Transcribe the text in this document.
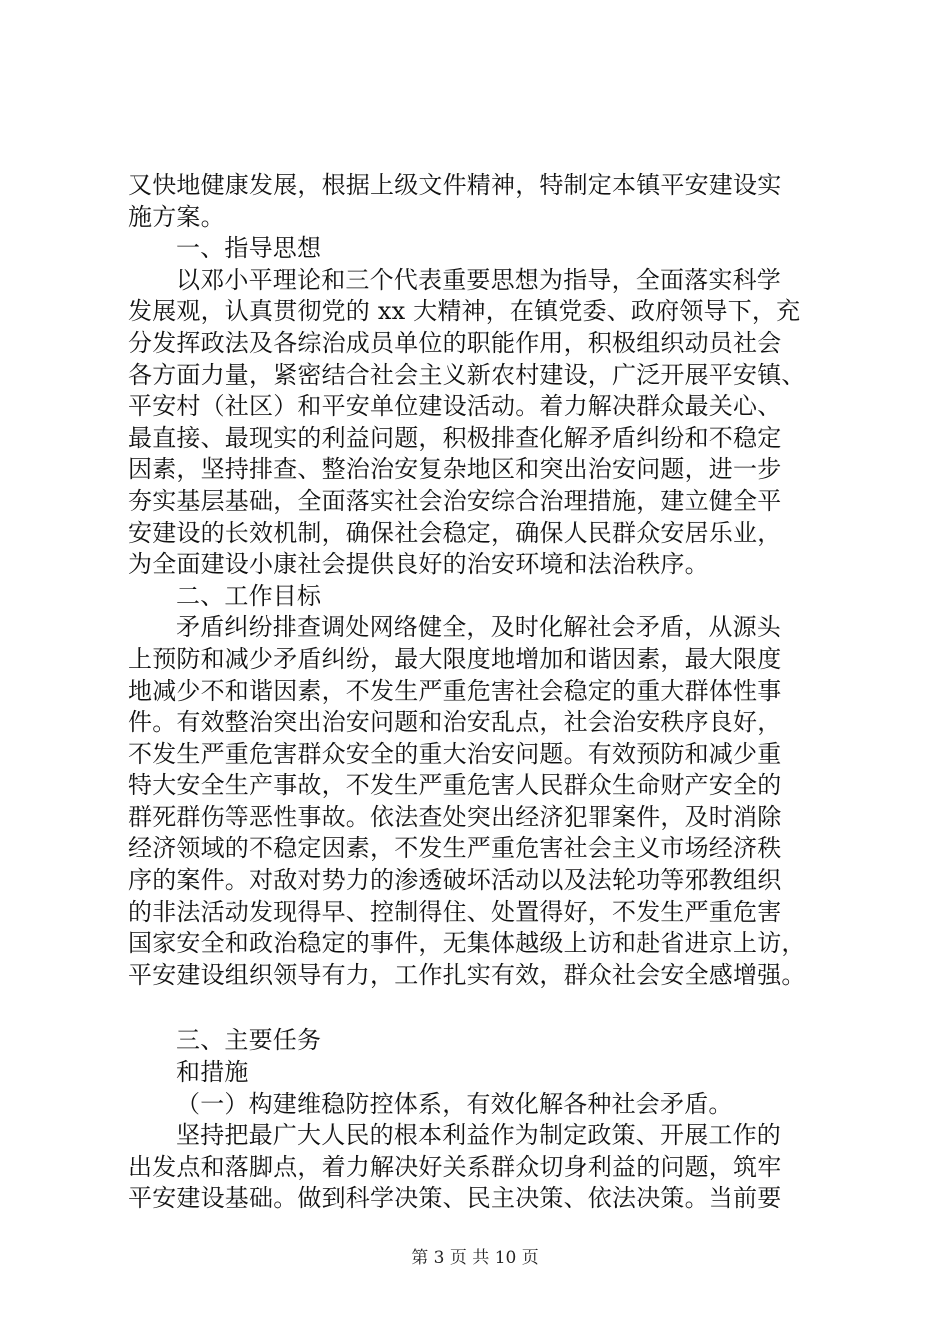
又快地健康发展，根据上级文件精神，特制定本镇平安建设实
施方案。
一、指导思想
以邓小平理论和三个代表重要思想为指导，全面落实科学
发展观，认真贯彻党的 xx 大精神，在镇党委、政府领导下，充
分发挥政法及各综治成员单位的职能作用，积极组织动员社会
各方面力量，紧密结合社会主义新农村建设，广泛开展平安镇、
平安村（社区）和平安单位建设活动。着力解决群众最关心、
最直接、最现实的利益问题，积极排查化解矛盾纠纷和不稳定
因素，坚持排查、整治治安复杂地区和突出治安问题，进一步
夯实基层基础，全面落实社会治安综合治理措施，建立健全平
安建设的长效机制，确保社会稳定，确保人民群众安居乐业，
为全面建设小康社会提供良好的治安环境和法治秩序。
二、工作目标
矛盾纠纷排查调处网络健全，及时化解社会矛盾，从源头
上预防和减少矛盾纠纷，最大限度地增加和谐因素，最大限度
地减少不和谐因素，不发生严重危害社会稳定的重大群体性事
件。有效整治突出治安问题和治安乱点，社会治安秩序良好，
不发生严重危害群众安全的重大治安问题。有效预防和减少重
特大安全生产事故，不发生严重危害人民群众生命财产安全的
群死群伤等恶性事故。依法查处突出经济犯罪案件，及时消除
经济领域的不稳定因素，不发生严重危害社会主义市场经济秩
序的案件。对敌对势力的渗透破坏活动以及法轮功等邪教组织
的非法活动发现得早、控制得住、处置得好，不发生严重危害
国家安全和政治稳定的事件，无集体越级上访和赴省进京上访，
平安建设组织领导有力，工作扎实有效，群众社会安全感增强。
三、主要任务
和措施
（一）构建维稳防控体系，有效化解各种社会矛盾。
坚持把最广大人民的根本利益作为制定政策、开展工作的
出发点和落脚点，着力解决好关系群众切身利益的问题，筑牢
平安建设基础。做到科学决策、民主决策、依法决策。当前要
第 3 页 共 10 页
